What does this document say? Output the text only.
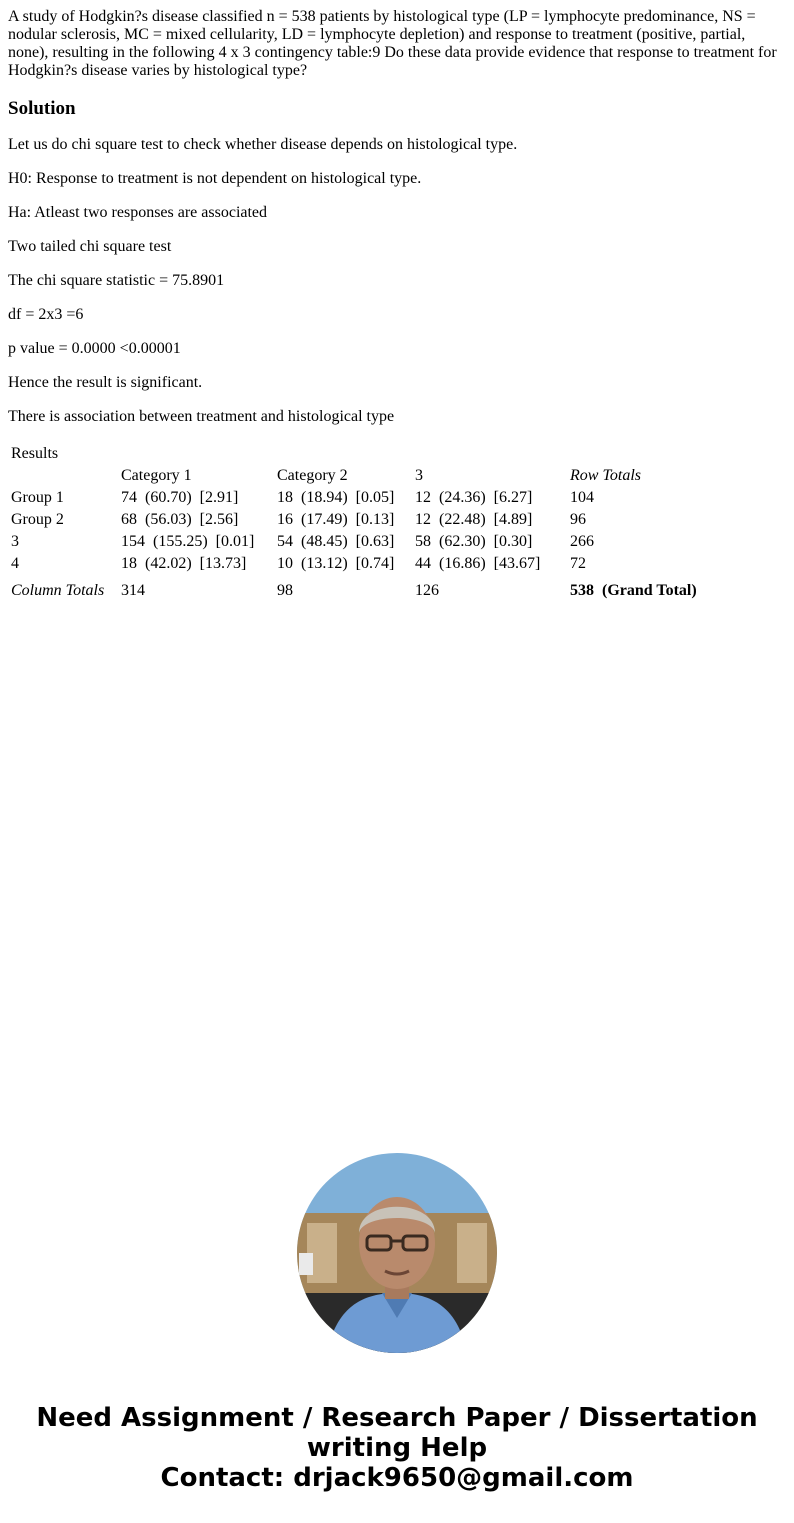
A study of Hodgkin?s disease classified n = 538 patients by histological type (LP = lymphocyte predominance, NS = nodular sclerosis, MC = mixed cellularity, LD = lymphocyte depletion) and response to treatment (positive, partial, none), resulting in the following 4 x 3 contingency table:9 Do these data provide evidence that response to treatment for Hodgkin?s disease varies by histological type?

Solution

Let us do chi square test to check whether disease depends on histological type.

H0: Response to treatment is not dependent on histological type.

Ha: Atleast two responses are associated

Two tailed chi square test

The chi square statistic = 75.8901

df = 2x3 =6

p value = 0.0000 <0.00001

Hence the result is significant.

There is association between treatment and histological type

Results				
	Category 1	Category 2	3	Row Totals
Group 1	74  (60.70)  [2.91]	18  (18.94)  [0.05]	12  (24.36)  [6.27]	104
Group 2	68  (56.03)  [2.56]	16  (17.49)  [0.13]	12  (22.48)  [4.89]	96
3	154  (155.25)  [0.01]	54  (48.45)  [0.63]	58  (62.30)  [0.30]	266
4	18  (42.02)  [13.73]	10  (13.12)  [0.74]	44  (16.86)  [43.67]	72
Column Totals	314	98	126	538  (Grand Total)
Need Assignment / Research Paper / Dissertation
writing Help
Contact: drjack9650@gmail.com
